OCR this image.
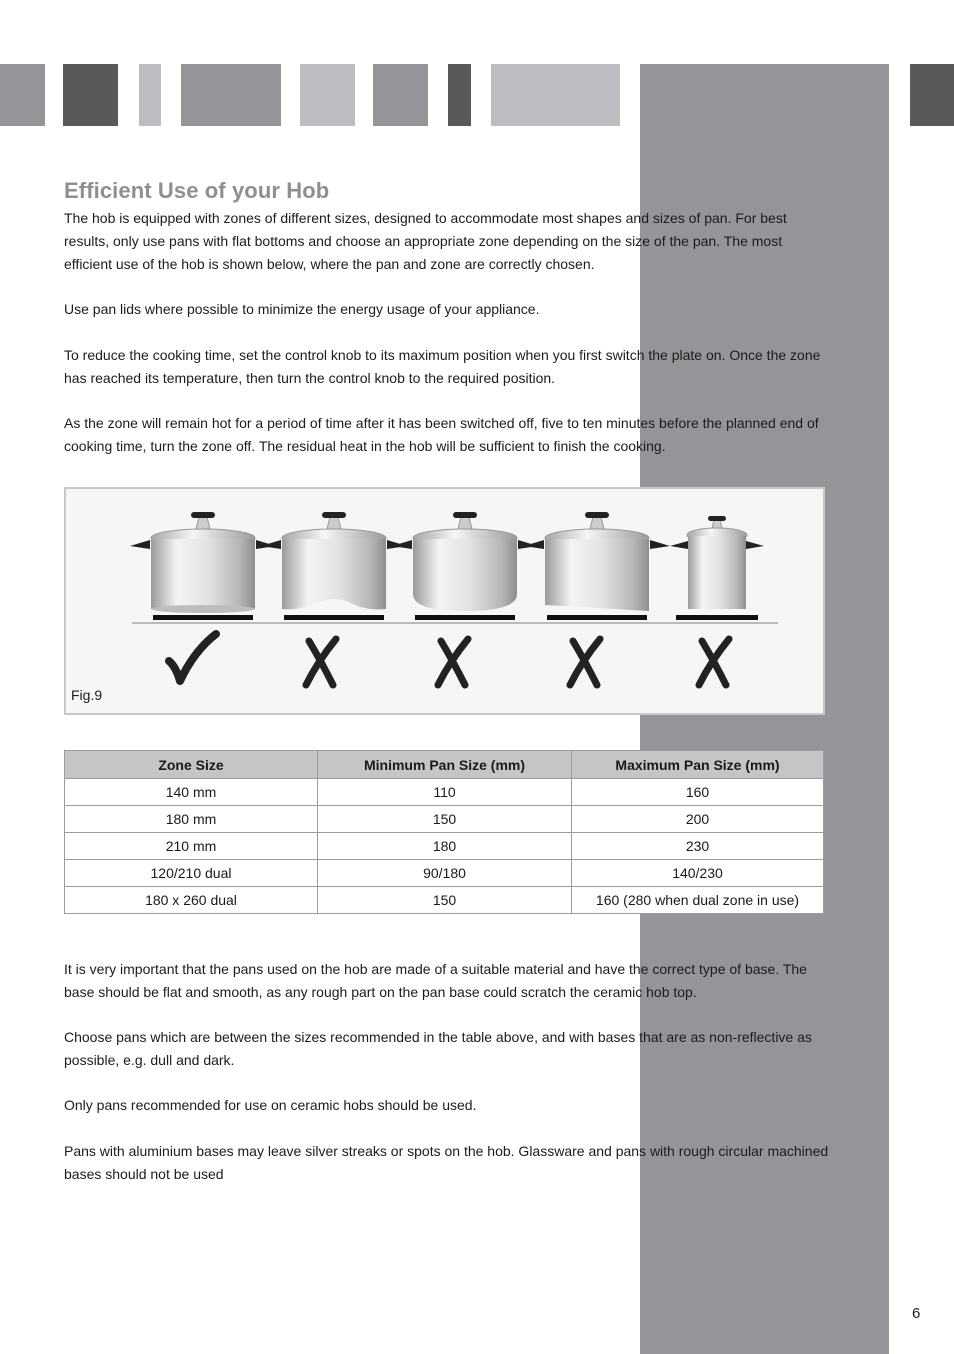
Efficient Use of your Hob

The hob is equipped with zones of different sizes, designed to accommodate most shapes and sizes of pan. For best results, only use pans with flat bottoms and choose an appropriate zone depending on the size of the pan. The most efficient use of the hob is shown below, where the pan and zone are correctly chosen.

Use pan lids where possible to minimize the energy usage of your appliance.

To reduce the cooking time, set the control knob to its maximum position when you first switch the plate on. Once the zone has reached its temperature, then turn the control knob to the required position.

As the zone will remain hot for a period of time after it has been switched off, five to ten minutes before the planned end of cooking time, turn the zone off. The residual heat in the hob will be sufficient to finish the cooking.

Fig.9
Zone Size	Minimum Pan Size (mm)	Maximum Pan Size (mm)
140 mm	110	160
180 mm	150	200
210 mm	180	230
120/210 dual	90/180	140/230
180 x 260 dual	150	160 (280 when dual zone in use)

It is very important that the pans used on the hob are made of a suitable material and have the correct type of base. The base should be flat and smooth, as any rough part on the pan base could scratch the ceramic hob top.

Choose pans which are between the sizes recommended in the table above, and with bases that are as non-reflective as possible, e.g. dull and dark.

Only pans recommended for use on ceramic hobs should be used.

Pans with aluminium bases may leave silver streaks or spots on the hob. Glassware and pans with rough circular machined bases should not be used

6
